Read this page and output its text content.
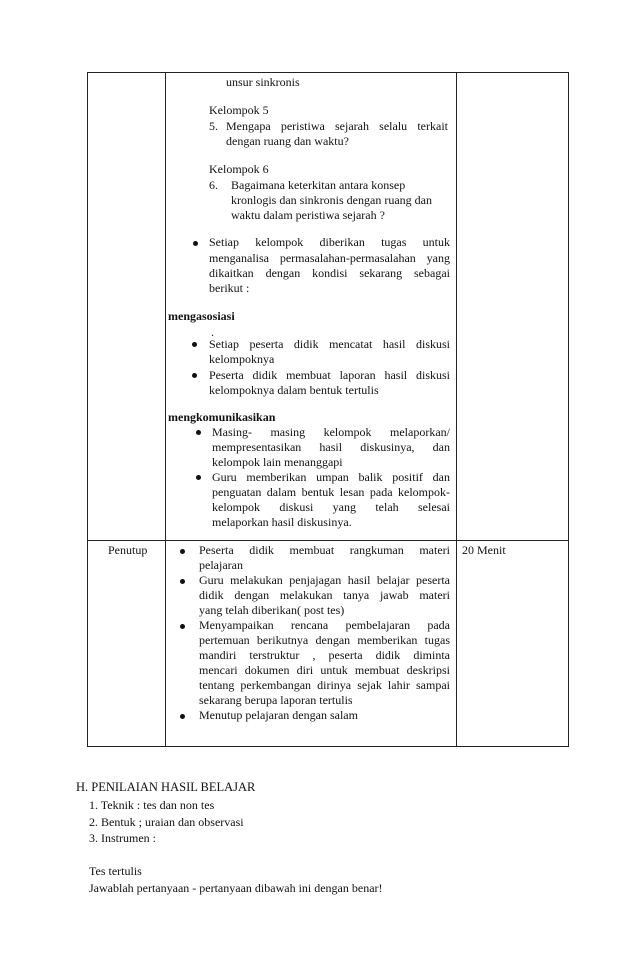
unsur sinkronis
Kelompok 5
5. Mengapa peristiwa sejarah selalu terkait
dengan ruang dan waktu?
Kelompok 6
6. Bagaimana keterkitan antara konsep
kronlogis dan sinkronis dengan ruang dan
waktu dalam peristiwa sejarah ?
Setiap kelompok diberikan tugas untuk
menganalisa permasalahan-permasalahan yang
dikaitkan dengan kondisi sekarang sebagai
berikut :
mengasosiasi
.
Setiap peserta didik mencatat hasil diskusi
kelompoknya
Peserta didik membuat laporan hasil diskusi
kelompoknya dalam bentuk tertulis
mengkomunikasikan
Masing- masing kelompok melaporkan/
mempresentasikan hasil diskusinya, dan
kelompok lain menanggapi
Guru memberikan umpan balik positif dan
penguatan dalam bentuk lesan pada kelompok-
kelompok diskusi yang telah selesai
melaporkan hasil diskusinya.
Penutup	20 Menit
Peserta didik membuat rangkuman materi
pelajaran
Guru melakukan penjajagan hasil belajar peserta
didik dengan melakukan tanya jawab materi
yang telah diberikan( post tes)
Menyampaikan rencana pembelajaran pada
pertemuan berikutnya dengan memberikan tugas
mandiri terstruktur , peserta didik diminta
mencari dokumen diri untuk membuat deskripsi
tentang perkembangan dirinya sejak lahir sampai
sekarang berupa laporan tertulis
Menutup pelajaran dengan salam
H. PENILAIAN HASIL BELAJAR
1. Teknik : tes dan non tes
2. Bentuk ; uraian dan observasi
3. Instrumen :
Tes tertulis
Jawablah pertanyaan - pertanyaan dibawah ini dengan benar!
